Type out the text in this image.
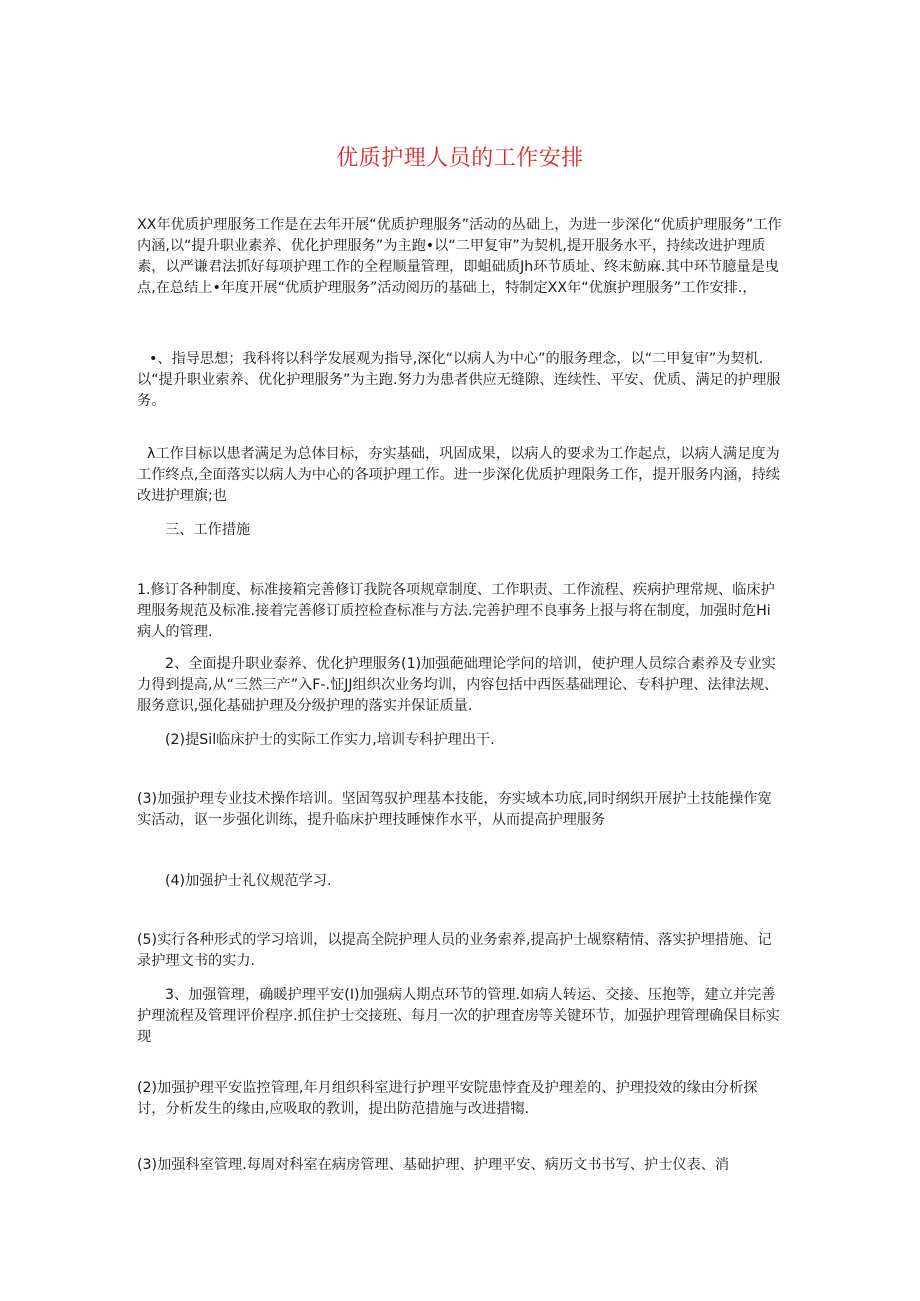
优质护理人员的工作安排

XX年优质护理服务工作是在去年开展“优质护理服务”活动的丛础上，为进一步深化“优质护理服务”工作内涵,以“提升职业素养、优化护理服务”为主跑•以“二甲复审”为契机,提开服务水平，持续改进护理质素，以严谦君法抓好每项护理工作的全程顺量管理，即蛆础质Jh环节质址、终末魴麻.其中环节臆量是曳点,在总结上•年度开展“优质护理服务”活动阅历的基础上，特制定XX年“优旗护理服务”工作安排.，

•、指导思想；我科将以科学发展观为指导,深化“以病人为中心”的服务理念，以“二甲复审”为契机.以“提升职业索养、优化护理服务”为主跑.努力为患者供应无缝隙、连续性、平安、优质、满足的护理服务。

λ工作目标以患者满足为总体目标，夯实基础，巩固成果，以病人的要求为工作起点，以病人满足度为工作终点,全面落实以病人为中心的各项护理工作。进一步深化优质护理限务工作，提开服务内涵，持续改进护理旗;也

三、工作措施

1.修订各种制度、标准接箱完善修订我院各项规章制度、工作职责、工作流程、疾病护理常规、临床护理服务规范及标准.接着完善修订质控检查标准与方法.完善护理不良事务上报与将在制度，加强时危Hi病人的管理.

2、全面提升职业泰养、优化护理服务(1)加强葩础理论学问的培训，使护理人员综合素养及专业实力得到提高,从“三然三产”入F-.怔JJ组织次业务均训，内容包括中西医基础理论、专科护理、法律法规、服务意识,强化基础护理及分级护理的落实并保证质量.

(2)提Sil临床护士的实际工作实力,培训专科护理出干.

(3)加强护理专业技术操作培训。坚固驾驭护理基本技能，夯实域本功底,同时纲织开展护土技能操作宽实活动，讴一步强化训练，提升临床护理技睡悚作水平，从而提高护理服务

(4)加强护士礼仪规范学习.

(5)实行各种形式的学习培训，以提高全院护理人员的业务索养,提高护士觇察精情、落实护埋措施、记录护理文书的实力.

3、加强管理，确暖护理平安(I)加强病人期点环节的管理.如病人转运、交接、压抱等，建立并完善护理流程及管理评价程序.抓住护士交接班、每月一次的护理査房等关键环节，加强护理管理确保目标实现

(2)加强护理平安监控管理,年月组织科室进行护理平安院患悖査及护理差的、护理投效的缘由分析探讨，分析发生的缘由,应吸取的教训，提出防范措施与改进措犓.

(3)加强科室管理.每周对科室在病房管理、基础护理、护理平安、病历文书书写、护士仪表、消
